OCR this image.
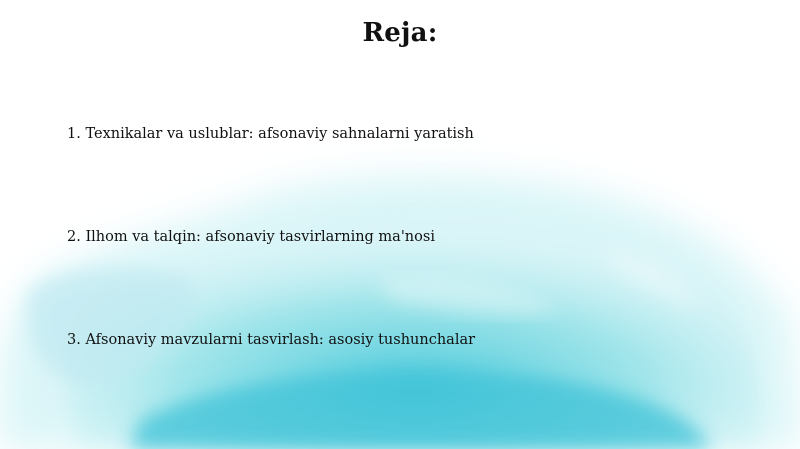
Reja:
1. Texnikalar va uslublar: afsonaviy sahnalarni yaratish
2. Ilhom va talqin: afsonaviy tasvirlarning ma'nosi
3. Afsonaviy mavzularni tasvirlash: asosiy tushunchalar
